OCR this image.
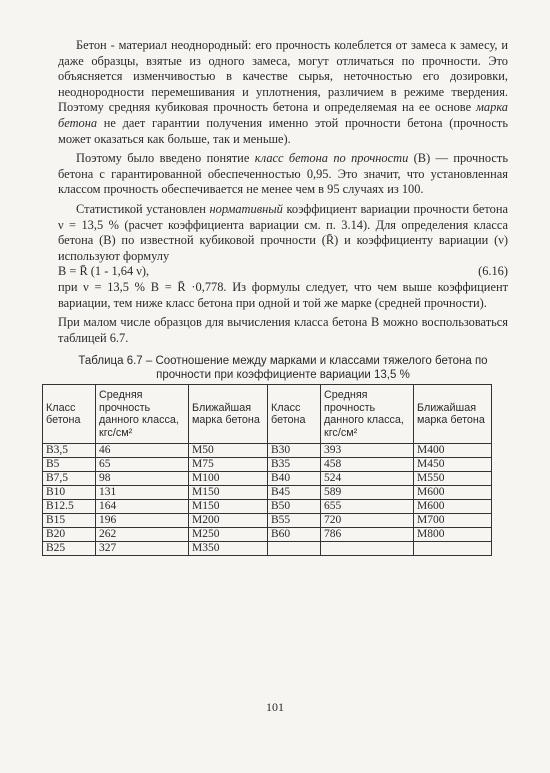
Бетон - материал неоднородный: его прочность колеблется от замеса к замесу, и даже образцы, взятые из одного замеса, могут отличаться по прочности. Это объясняется изменчивостью в качестве сырья, неточностью его дозировки, неоднородности перемешивания и уплотнения, различием в режиме твердения. Поэтому средняя кубиковая прочность бетона и определяемая на ее основе марка бетона не дает гарантии получения именно этой прочности бетона (прочность может оказаться как больше, так и меньше).

Поэтому было введено понятие класс бетона по прочности (В) — прочность бетона с гарантированной обеспеченностью 0,95. Это значит, что установленная классом прочность обеспечивается не менее чем в 95 случаях из 100.

Статистикой установлен нормативный коэффициент вариации прочности бетона ν = 13,5 % (расчет коэффициента вариации см. п. 3.14). Для определения класса бетона (В) по известной кубиковой прочности (R̄) и коэффициенту вариации (ν) используют формулу

B = R̄ (1 - 1,64 ν),	(6.16)

при ν = 13,5 % B = R̄ ·0,778. Из формулы следует, что чем выше коэффициент вариации, тем ниже класс бетона при одной и той же марке (средней прочности).

При малом числе образцов для вычисления класса бетона В можно воспользоваться таблицей 6.7.

Таблица 6.7 – Соотношение между марками и классами тяжелого бетона по прочности при коэффициенте вариации 13,5 %
Класс бетона	Средняя прочность данного класса, кгс/см²	Ближайшая марка бетона	Класс бетона	Средняя прочность данного класса, кгс/см²	Ближайшая марка бетона
В3,5	46	М50	В30	393	М400
В5	65	М75	В35	458	М450
В7,5	98	М100	В40	524	М550
В10	131	М150	В45	589	М600
В12.5	164	М150	В50	655	М600
В15	196	М200	В55	720	М700
В20	262	М250	В60	786	М800
В25	327	М350			
101
